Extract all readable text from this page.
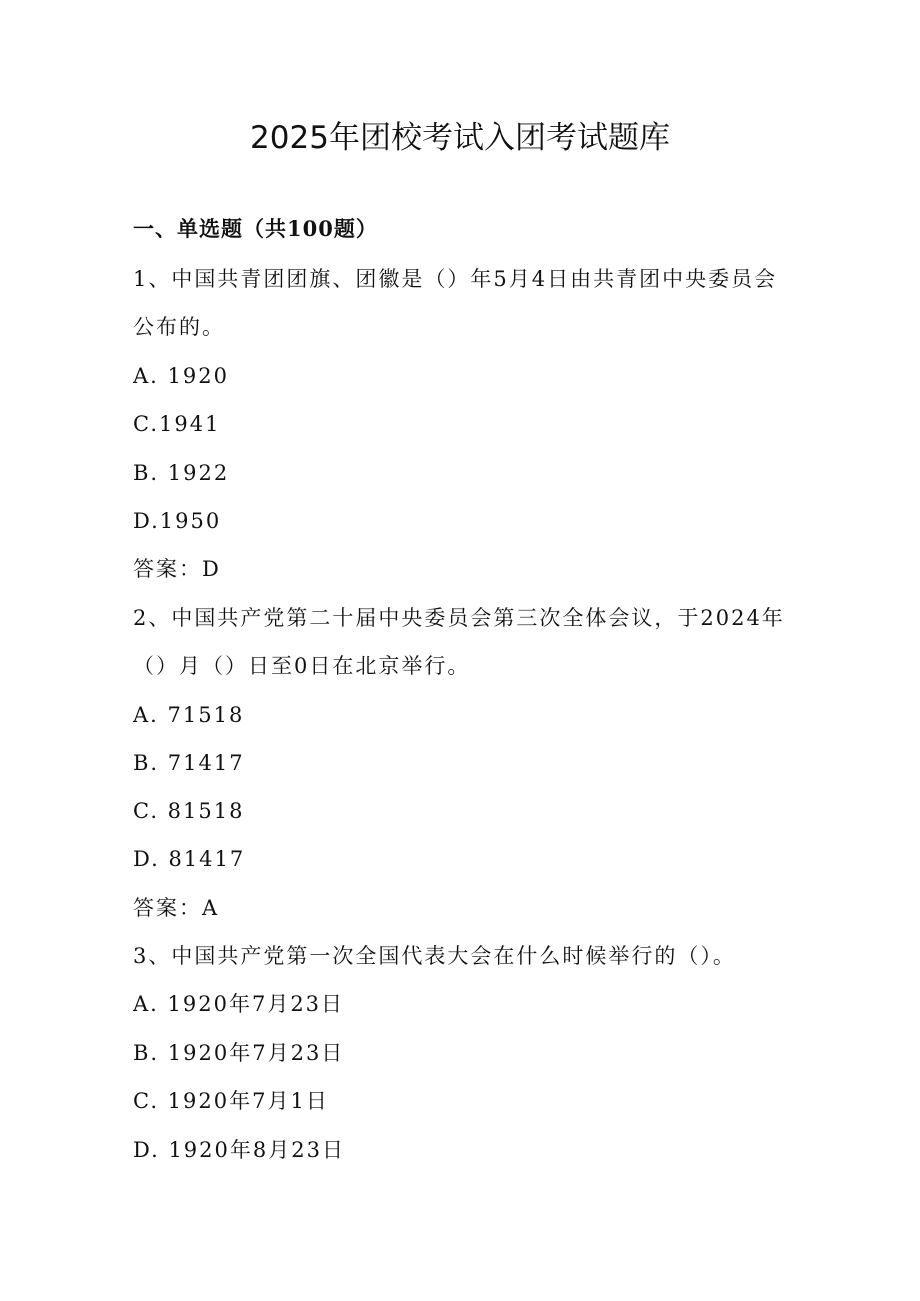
2025年团校考试入团考试题库
一、单选题（共100题）
1、中国共青团团旗、团徽是（）年5月4日由共青团中央委员会
公布的。
A. 1920
C.1941
B. 1922
D.1950
答案：D
2、中国共产党第二十届中央委员会第三次全体会议，于2024年
（）月（）日至0日在北京举行。
A. 71518
B. 71417
C. 81518
D. 81417
答案：A
3、中国共产党第一次全国代表大会在什么时候举行的（）。
A. 1920年7月23日
B. 1920年7月23日
C. 1920年7月1日
D. 1920年8月23日
